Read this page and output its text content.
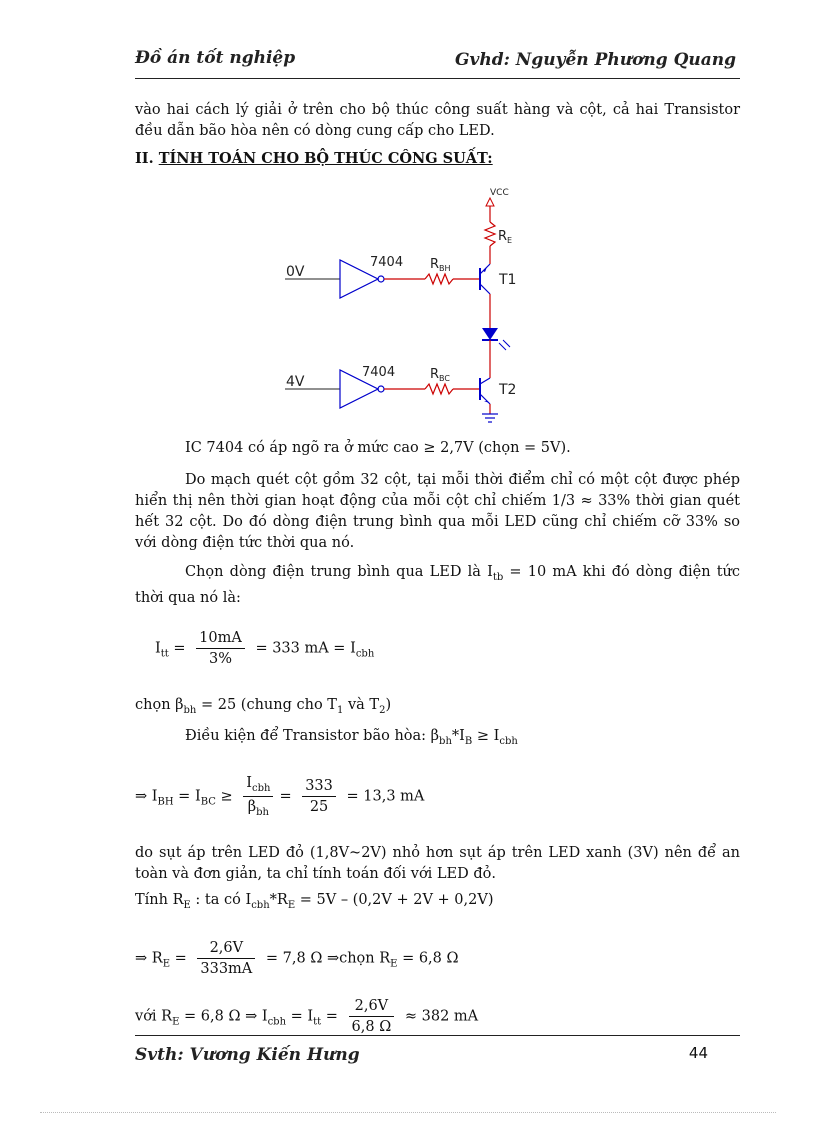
Đồ án tốt nghiệp	Gvhd: Nguyễn Phương Quang
vào hai cách lý giải ở trên cho bộ thúc công suất hàng và cột, cả hai Transistor đều dẫn bão hòa nên có dòng cung cấp cho LED.
II. TÍNH TOÁN CHO BỘ THÚC CÔNG SUẤT:
VCC
$R_E$
0V
7404 $R_{BH}$
T1
4V
7404	$R_{BC}$
T2
IC 7404 có áp ngõ ra ở mức cao ≥ 2,7V (chọn = 5V).
Do mạch quét cột gồm 32 cột, tại mỗi thời điểm chỉ có một cột được phép hiển thị nên thời gian hoạt động của mỗi cột chỉ chiếm 1/3 ≈ 33% thời gian quét hết 32 cột. Do đó dòng điện trung bình qua mỗi LED cũng chỉ chiếm cỡ 33% so với dòng điện tức thời qua nó.
Chọn dòng điện trung bình qua LED là $I_{tb} = 10$ mA khi đó dòng điện tức thời qua nó là:
$I_{tt} = \frac{10mA}{3\%} = 333$ mA = $I_{cbh}$
chọn $\beta_{bh} = 25$ (chung cho $T_1$ và $T_2$)
Điều kiện để Transistor bão hòa: $\beta_{bh}*I_B \ge I_{cbh}$
⇒ $I_{BH} = I_{BC} \ge \frac{I_{cbh}}{\beta_{bh}} = \frac{333}{25} = 13,3$ mA
do sụt áp trên LED đỏ (1,8V~2V) nhỏ hơn sụt áp trên LED xanh (3V) nên để an toàn và đơn giản, ta chỉ tính toán đối với LED đỏ.
Tính $R_E$ : ta có $I_{cbh}*R_E = 5V - (0,2V + 2V + 0,2V)$
⇒ $R_E = \frac{2,6V}{333mA} = 7,8$ Ω ⇒chọn $R_E = 6,8$ Ω
với $R_E = 6,8$ Ω ⇒ $I_{cbh} = I_{tt} = \frac{2,6V}{6,8 \Omega} \approx 382$ mA
Svth: Vương Kiến Hưng	44
